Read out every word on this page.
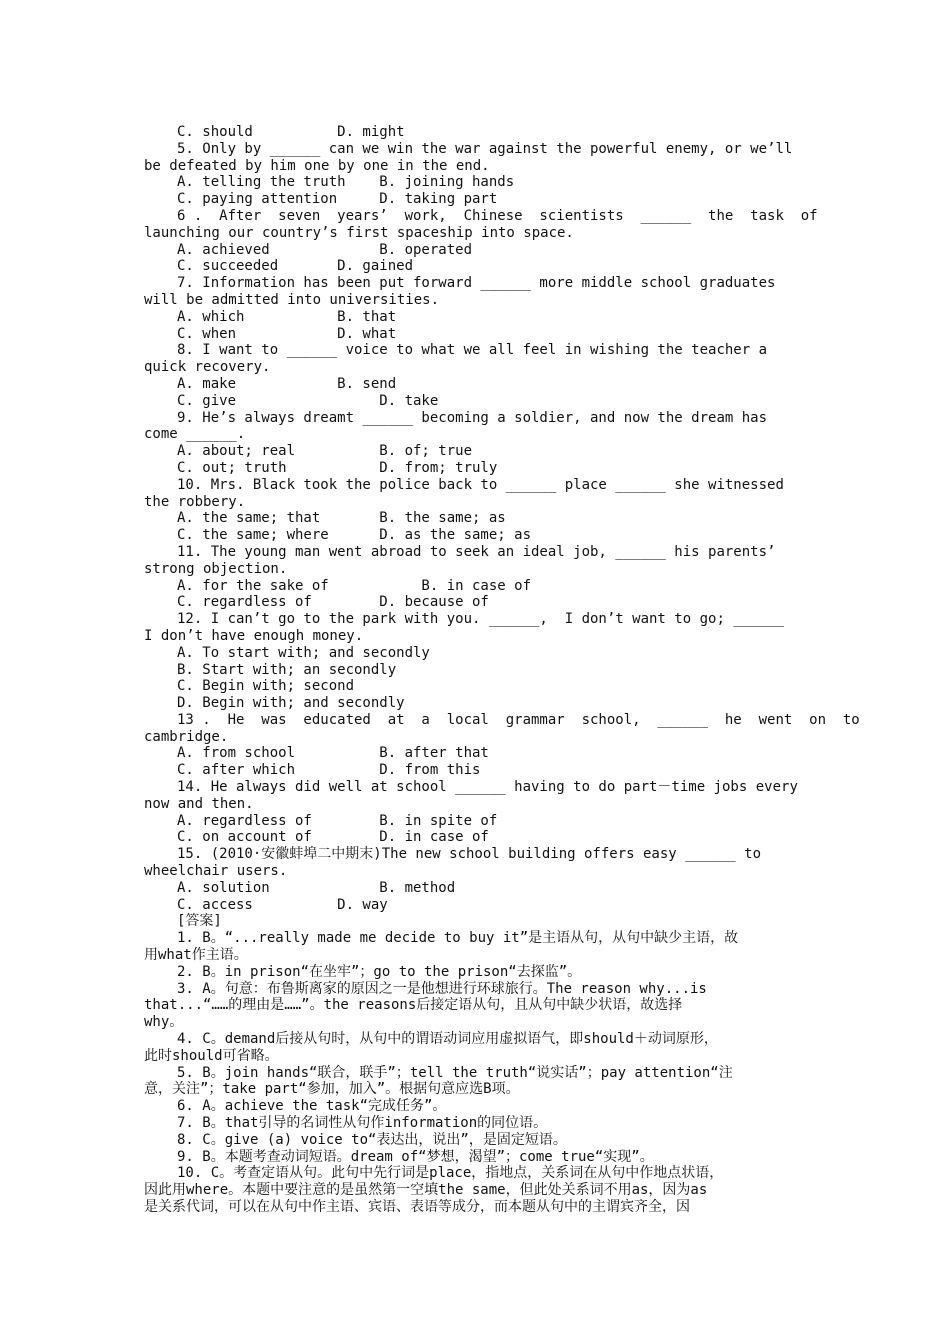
C. should          D. might
5. Only by ______ can we win the war against the powerful enemy, or we’ll
be defeated by him one by one in the end.
A. telling the truth    B. joining hands
C. paying attention     D. taking part
6 .  After  seven  years’  work,  Chinese  scientists  ______  the  task  of
launching our country’s first spaceship into space.
A. achieved             B. operated
C. succeeded       D. gained
7. Information has been put forward ______ more middle school graduates
will be admitted into universities.
A. which           B. that
C. when            D. what
8. I want to ______ voice to what we all feel in wishing the teacher a
quick recovery.
A. make            B. send
C. give                 D. take
9. He’s always dreamt ______ becoming a soldier, and now the dream has
come ______.
A. about; real          B. of; true
C. out; truth           D. from; truly
10. Mrs. Black took the police back to ______ place ______ she witnessed
the robbery.
A. the same; that       B. the same; as
C. the same; where      D. as the same; as
11. The young man went abroad to seek an ideal job, ______ his parents’
strong objection.
A. for the sake of           B. in case of
C. regardless of        D. because of
12. I can’t go to the park with you. ______,  I don’t want to go; ______
I don’t have enough money.
A. To start with; and secondly
B. Start with; an secondly
C. Begin with; second
D. Begin with; and secondly
13 .  He  was  educated  at  a  local  grammar  school,  ______  he  went  on  to
cambridge.
A. from school          B. after that
C. after which          D. from this
14. He always did well at school ______ having to do part－time jobs every
now and then.
A. regardless of        B. in spite of
C. on account of        D. in case of
15. (2010·安徽蚌埠二中期末)The new school building offers easy ______ to
wheelchair users.
A. solution             B. method
C. access          D. way
[答案]
1. B。“...really made me decide to buy it”是主语从句，从句中缺少主语，故
用what作主语。
2. B。in prison“在坐牢”；go to the prison“去探监”。
3. A。句意：布鲁斯离家的原因之一是他想进行环球旅行。The reason why...is
that...“……的理由是……”。the reasons后接定语从句，且从句中缺少状语，故选择
why。
4. C。demand后接从句时，从句中的谓语动词应用虚拟语气，即should＋动词原形，
此时should可省略。
5. B。join hands“联合，联手”；tell the truth“说实话”；pay attention“注
意，关注”；take part“参加，加入”。根据句意应选B项。
6. A。achieve the task“完成任务”。
7. B。that引导的名词性从句作information的同位语。
8. C。give (a) voice to“表达出，说出”，是固定短语。
9. B。本题考查动词短语。dream of“梦想，渴望”；come true“实现”。
10. C。考查定语从句。此句中先行词是place，指地点，关系词在从句中作地点状语，
因此用where。本题中要注意的是虽然第一空填the same，但此处关系词不用as，因为as
是关系代词，可以在从句中作主语、宾语、表语等成分，而本题从句中的主谓宾齐全，因
